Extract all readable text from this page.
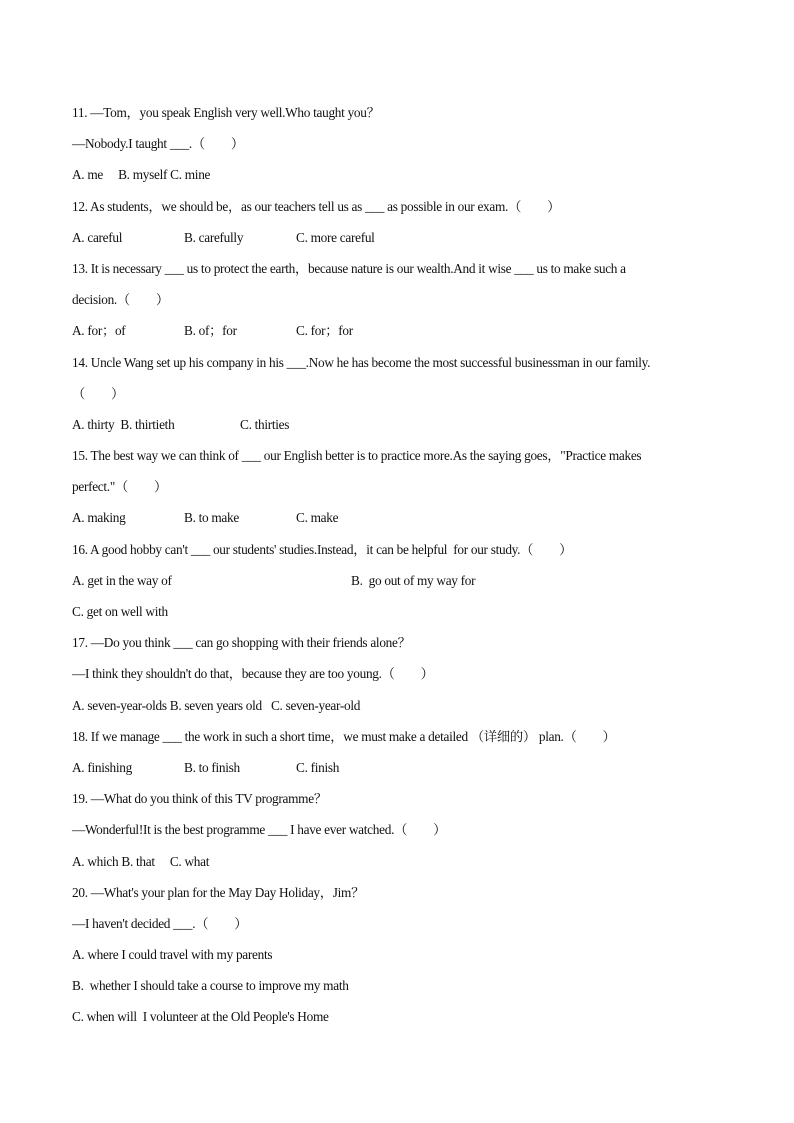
11. —Tom，you speak English very well.Who taught you？
—Nobody.I taught ___.（　　）
A. me     B. myself C. mine
12. As students，we should be，as our teachers tell us as ___ as possible in our exam.（　　）

A. careful

	B. carefully

	C. more careful

13. It is necessary ___ us to protect the earth，because nature is our wealth.And it wise ___ us to make such a
decision.（　　）

A. for；of

	B. of；for

	C. for；for

14. Uncle Wang set up his company in his ___.Now he has become the most successful businessman in our family.
（　　）

A. thirty  B. thirtieth

	C. thirties

15. The best way we can think of ___ our English better is to practice more.As the saying goes，"Practice makes
perfect."（　　）

A. making

	B. to make

	C. make

16. A good hobby can't ___ our students' studies.Instead，it can be helpful  for our study.（　　）

A. get in the way of

	B.  go out of my way for

C. get on well with
17. —Do you think ___ can go shopping with their friends alone？
—I think they shouldn't do that，because they are too young.（　　）
A. seven-year-olds B. seven years old   C. seven-year-old
18. If we manage ___ the work in such a short time，we must make a detailed （详细的） plan.（　　）

A. finishing

	B. to finish

	C. finish

19. —What do you think of this TV programme？
—Wonderful!It is the best programme ___ I have ever watched.（　　）
A. which B. that     C. what
20. —What's your plan for the May Day Holiday，Jim？
—I haven't decided ___.（　　）
A. where I could travel with my parents
B.  whether I should take a course to improve my math
C. when will  I volunteer at the Old People's Home
